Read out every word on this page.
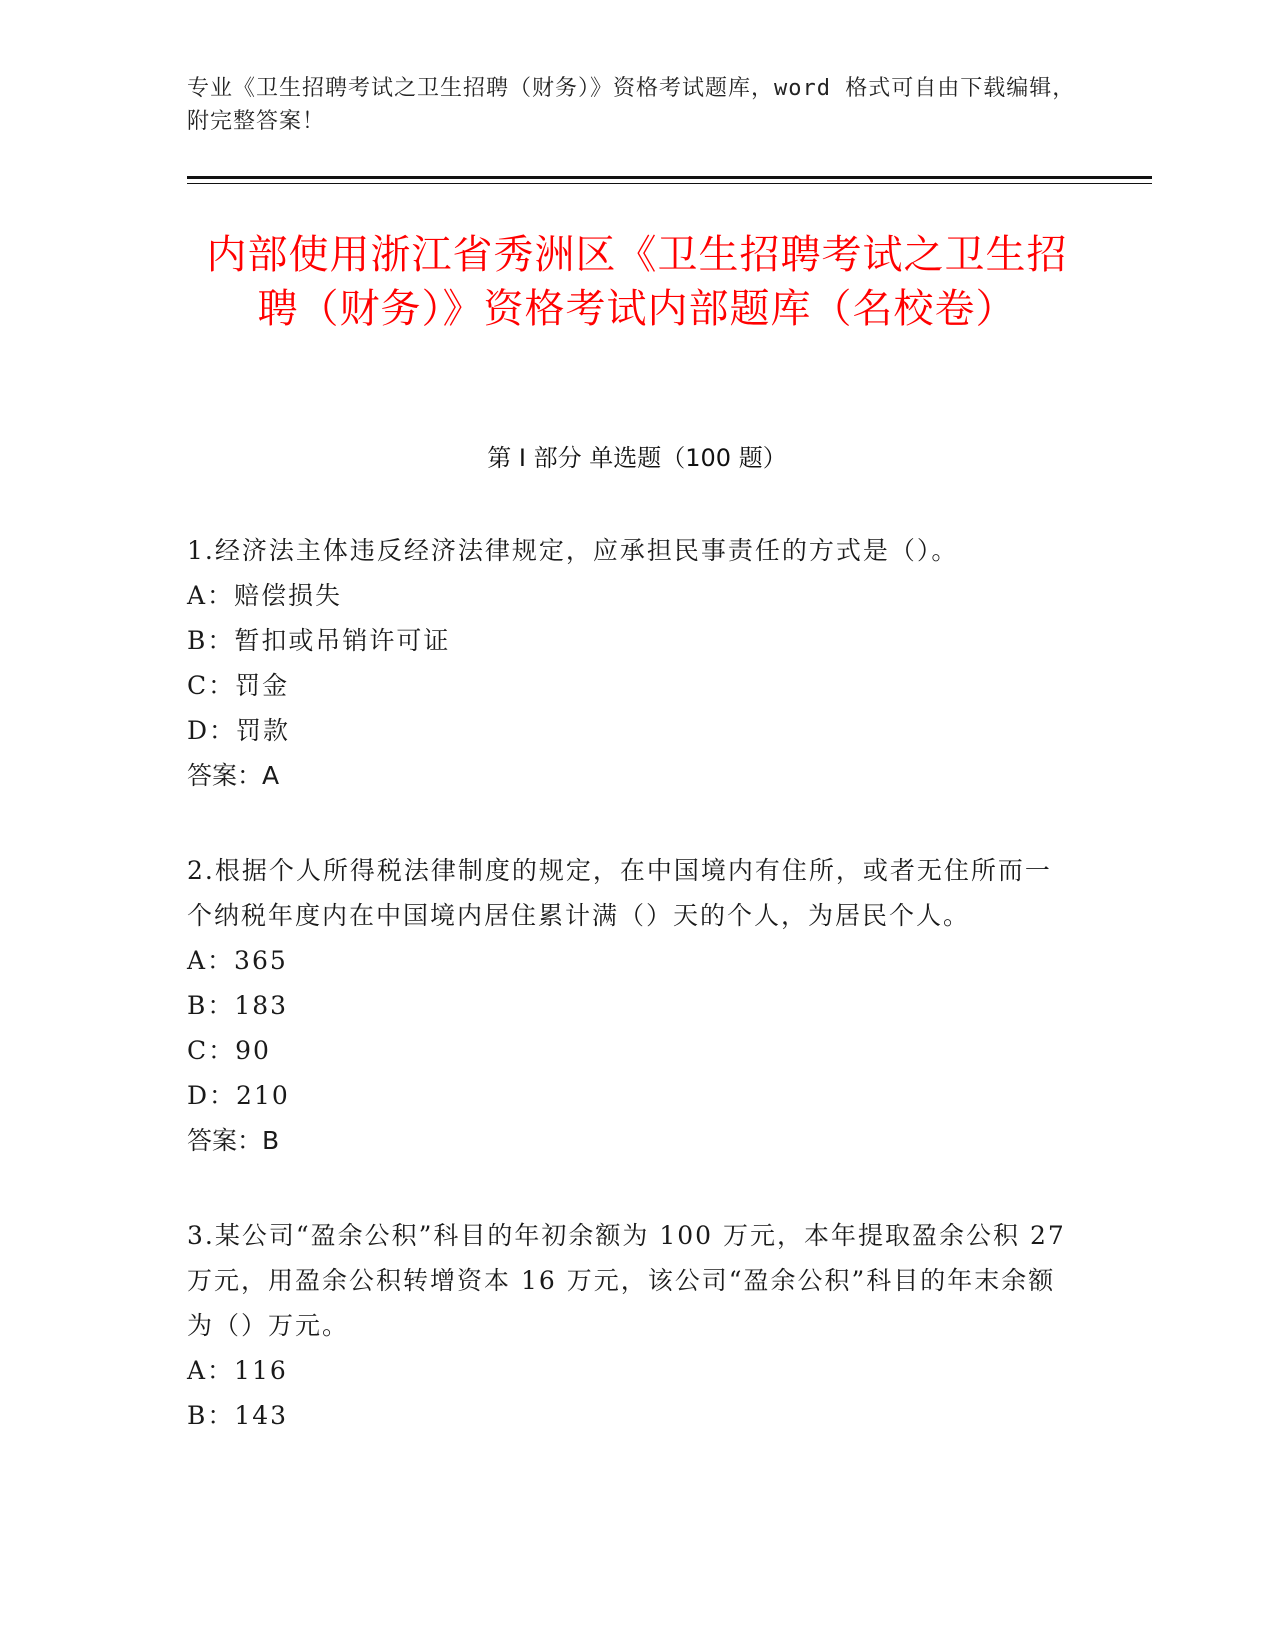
专业《卫生招聘考试之卫生招聘（财务）》资格考试题库，word 格式可自由下载编辑，附完整答案！
内部使用浙江省秀洲区《卫生招聘考试之卫生招聘（财务）》资格考试内部题库（名校卷）
第 I 部分 单选题（100 题）

1.经济法主体违反经济法律规定，应承担民事责任的方式是（）。

A：赔偿损失

B：暂扣或吊销许可证

C：罚金

D：罚款

答案：A

2.根据个人所得税法律制度的规定，在中国境内有住所，或者无住所而一个纳税年度内在中国境内居住累计满（）天的个人，为居民个人。

A：365

B：183

C：90

D：210

答案：B

3.某公司“盈余公积”科目的年初余额为 100 万元，本年提取盈余公积 27 万元，用盈余公积转增资本 16 万元，该公司“盈余公积”科目的年末余额为（）万元。

A：116

B：143
